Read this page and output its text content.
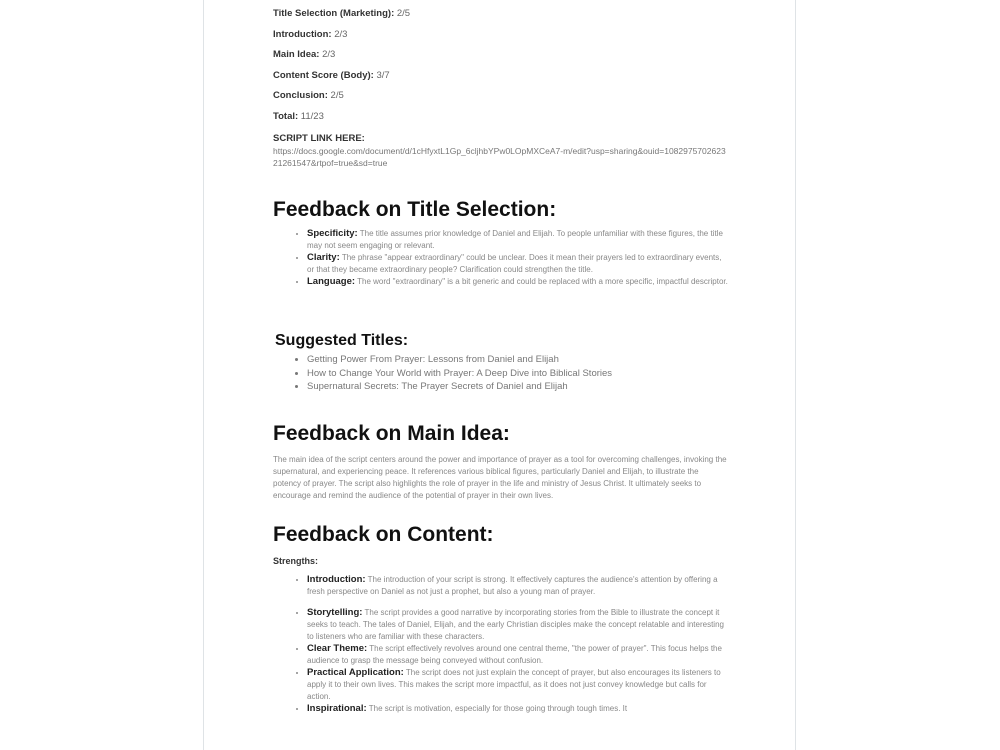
Title Selection (Marketing): 2/5
Introduction: 2/3
Main Idea: 2/3
Content Score (Body): 3/7
Conclusion: 2/5
Total: 11/23
SCRIPT LINK HERE:
https://docs.google.com/document/d/1cHfyxtL1Gp_6cljhbYPw0LOpMXCeA7-m/edit?usp=sharing&ouid=108297570262321261547&rtpof=true&sd=true
Feedback on Title Selection:
• Specificity: The title assumes prior knowledge of Daniel and Elijah. To people unfamiliar with these figures, the title may not seem engaging or relevant.
• Clarity: The phrase "appear extraordinary" could be unclear. Does it mean their prayers led to extraordinary events, or that they became extraordinary people? Clarification could strengthen the title.
• Language: The word "extraordinary" is a bit generic and could be replaced with a more specific, impactful descriptor.
Suggested Titles:
• Getting Power From Prayer: Lessons from Daniel and Elijah
• How to Change Your World with Prayer: A Deep Dive into Biblical Stories
• Supernatural Secrets: The Prayer Secrets of Daniel and Elijah
Feedback on Main Idea:

The main idea of the script centers around the power and importance of prayer as a tool for overcoming challenges, invoking the supernatural, and experiencing peace. It references various biblical figures, particularly Daniel and Elijah, to illustrate the potency of prayer. The script also highlights the role of prayer in the life and ministry of Jesus Christ. It ultimately seeks to encourage and remind the audience of the potential of prayer in their own lives.

Feedback on Content:
Strengths:
• Introduction: The introduction of your script is strong. It effectively captures the audience's attention by offering a fresh perspective on Daniel as not just a prophet, but also a young man of prayer.
• Storytelling: The script provides a good narrative by incorporating stories from the Bible to illustrate the concept it seeks to teach. The tales of Daniel, Elijah, and the early Christian disciples make the concept relatable and interesting to listeners who are familiar with these characters.
• Clear Theme: The script effectively revolves around one central theme, "the power of prayer". This focus helps the audience to grasp the message being conveyed without confusion.
• Practical Application: The script does not just explain the concept of prayer, but also encourages its listeners to apply it to their own lives. This makes the script more impactful, as it does not just convey knowledge but calls for action.
• Inspirational: The script is motivation, especially for those going through tough times. It
